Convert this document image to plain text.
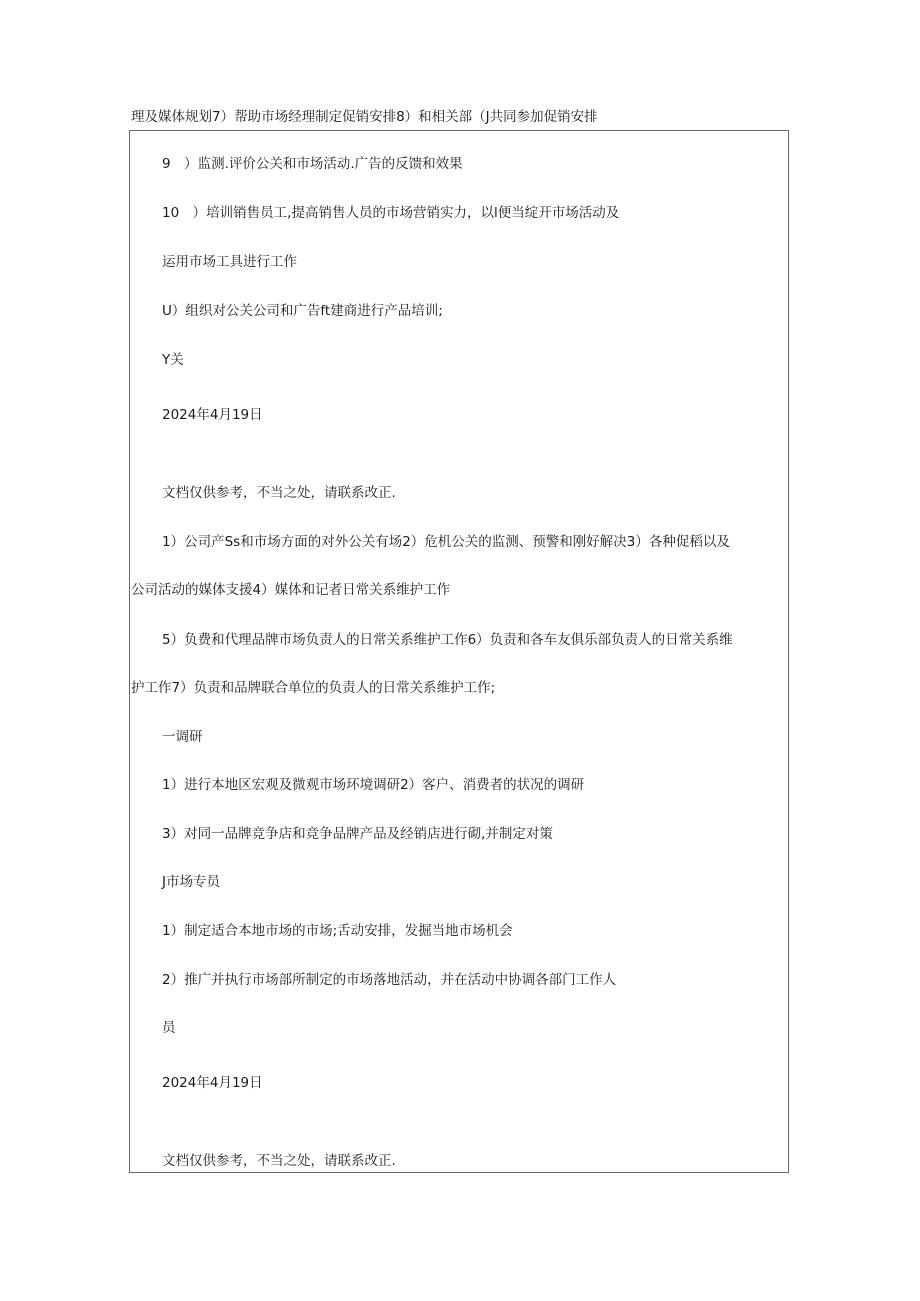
理及媒体规划7）帮助市场经理制定促销安排8）和相关部（J共同参加促销安排
9　）监测.评价公关和市场活动.广告的反馈和效果
10　）培训销售员工,提高销售人员的市场营销实力，以l便当绽开市场活动及
运用市场工具进行工作
U）组织对公关公司和广告ft建商进行产品培训;
Y关
2024年4月19日
文档仅供参考，不当之处，请联系改正.
1）公司产Ss和市场方面的对外公关有场2）危机公关的监测、预警和刚好解决3）各种促稻以及
公司活动的媒体支援4）媒体和记者日常关系维护工作
5）负费和代理品牌市场负责人的日常关系维护工作6）负责和各车友俱乐部负责人的日常关系维
护工作7）负责和品牌联合单位的负责人的日常关系维护工作;
一调研
1）进行本地区宏观及微观市场环境调研2）客户、消费者的状况的调研
3）对同一品牌竞争店和竞争品牌产品及经销店进行砌,并制定对策
J市场专员
1）制定适合本地市场的市场;舌动安排，发掘当地市场机会
2）推广并执行市场部所制定的市场落地活动，并在活动中协调各部门工作人
员
2024年4月19日
文档仅供参考，不当之处，请联系改正.
